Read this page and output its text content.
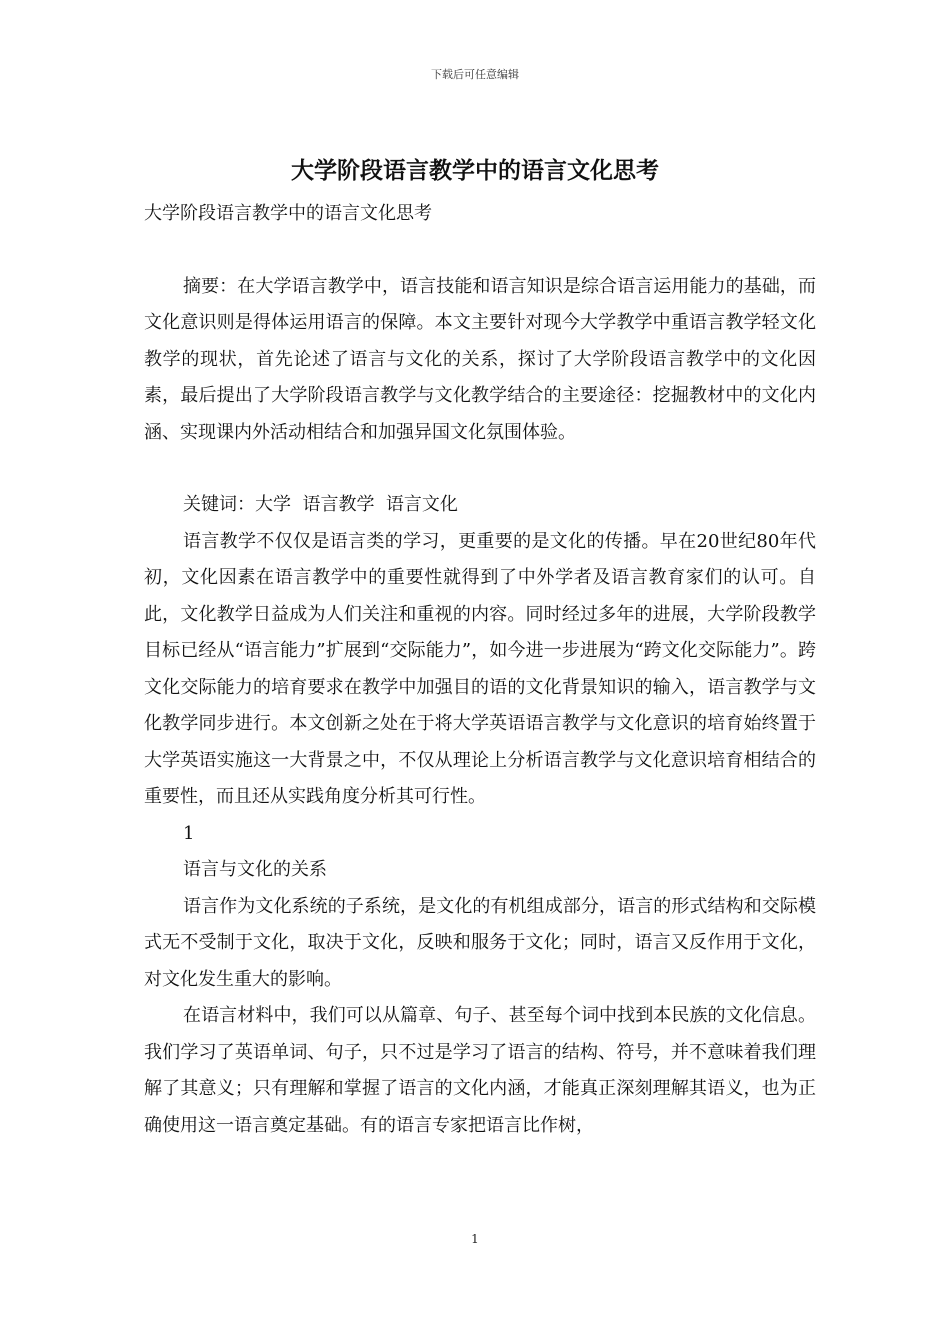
下载后可任意编辑
大学阶段语言教学中的语言文化思考

大学阶段语言教学中的语言文化思考

摘要：在大学语言教学中，语言技能和语言知识是综合语言运用能力的基础，而文化意识则是得体运用语言的保障。本文主要针对现今大学教学中重语言教学轻文化教学的现状，首先论述了语言与文化的关系，探讨了大学阶段语言教学中的文化因素，最后提出了大学阶段语言教学与文化教学结合的主要途径：挖掘教材中的文化内涵、实现课内外活动相结合和加强异国文化氛围体验。

关键词：大学  语言教学  语言文化

语言教学不仅仅是语言类的学习，更重要的是文化的传播。早在20世纪80年代初，文化因素在语言教学中的重要性就得到了中外学者及语言教育家们的认可。自此，文化教学日益成为人们关注和重视的内容。同时经过多年的进展，大学阶段教学目标已经从“语言能力”扩展到“交际能力”，如今进一步进展为“跨文化交际能力”。跨文化交际能力的培育要求在教学中加强目的语的文化背景知识的输入，语言教学与文化教学同步进行。本文创新之处在于将大学英语语言教学与文化意识的培育始终置于大学英语实施这一大背景之中，不仅从理论上分析语言教学与文化意识培育相结合的重要性，而且还从实践角度分析其可行性。

1

语言与文化的关系

语言作为文化系统的子系统，是文化的有机组成部分，语言的形式结构和交际模式无不受制于文化，取决于文化，反映和服务于文化；同时，语言又反作用于文化，对文化发生重大的影响。

在语言材料中，我们可以从篇章、句子、甚至每个词中找到本民族的文化信息。我们学习了英语单词、句子，只不过是学习了语言的结构、符号，并不意味着我们理解了其意义；只有理解和掌握了语言的文化内涵，才能真正深刻理解其语义，也为正确使用这一语言奠定基础。有的语言专家把语言比作树，

1
